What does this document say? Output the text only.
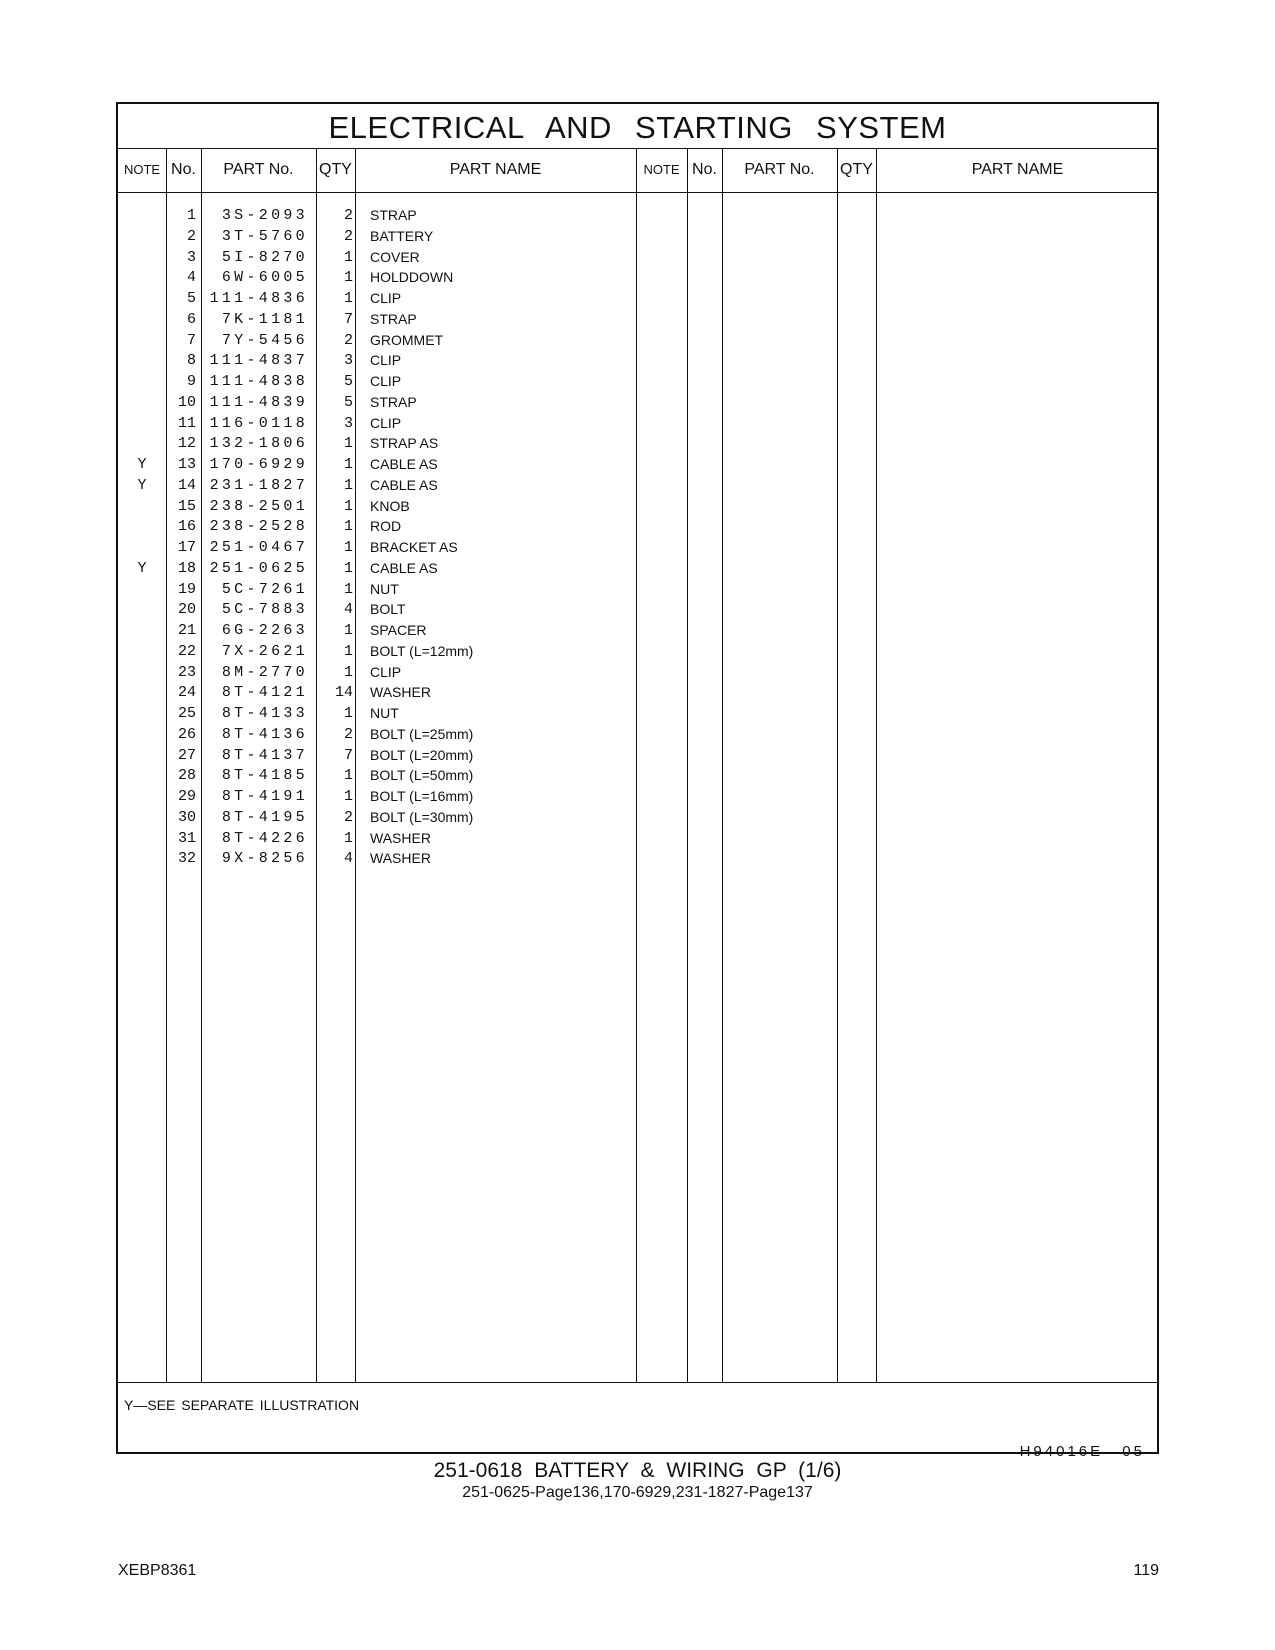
ELECTRICAL AND STARTING SYSTEM
NOTE No.	PART No.	QTY	PART NAME	NOTE No.	PART No.	QTY	PART NAME
1	3S-2093	2 STRAP
2	3T-5760	2 BATTERY
3	5I-8270	1 COVER
4	6W-6005	1 HOLDDOWN
5 111-4836	1 CLIP
6	7K-1181	7 STRAP
7	7Y-5456	2 GROMMET
8 111-4837	3 CLIP
9 111-4838	5 CLIP
10 111-4839	5 STRAP
11 116-0118	3 CLIP
12 132-1806	1 STRAP AS
Y	13 170-6929	1 CABLE AS
Y	14 231-1827	1 CABLE AS
15 238-2501	1 KNOB
16 238-2528	1 ROD
17 251-0467	1 BRACKET AS
Y	18 251-0625	1 CABLE AS
19	5C-7261	1 NUT
20	5C-7883	4 BOLT
21	6G-2263	1 SPACER
22	7X-2621	1 BOLT (L=12mm)
23	8M-2770	1 CLIP
24	8T-4121	14 WASHER
25	8T-4133	1 NUT
26	8T-4136	2 BOLT (L=25mm)
27	8T-4137	7 BOLT (L=20mm)
28	8T-4185	1 BOLT (L=50mm)
29	8T-4191	1 BOLT (L=16mm)
30	8T-4195	2 BOLT (L=30mm)
31	8T-4226	1 WASHER
32	9X-8256	4 WASHER
Y—SEE SEPARATE ILLUSTRATION
H94016E 05
251-0618 BATTERY & WIRING GP (1/6)
251-0625-Page136,170-6929,231-1827-Page137
XEBP8361	119
